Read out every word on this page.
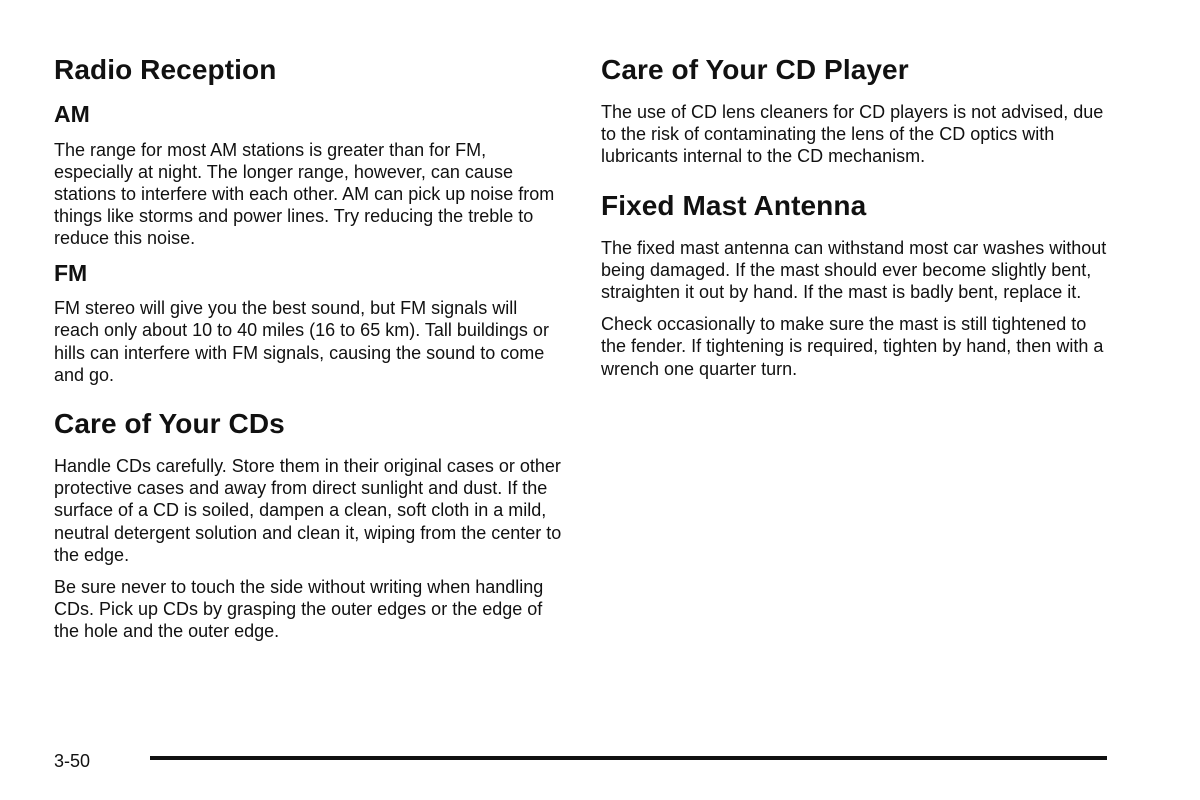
Radio Reception
AM

The range for most AM stations is greater than for FM, especially at night. The longer range, however, can cause stations to interfere with each other. AM can pick up noise from things like storms and power lines. Try reducing the treble to reduce this noise.

FM

FM stereo will give you the best sound, but FM signals will reach only about 10 to 40 miles (16 to 65 km). Tall buildings or hills can interfere with FM signals, causing the sound to come and go.

Care of Your CDs

Handle CDs carefully. Store them in their original cases or other protective cases and away from direct sunlight and dust. If the surface of a CD is soiled, dampen a clean, soft cloth in a mild, neutral detergent solution and clean it, wiping from the center to the edge.

Be sure never to touch the side without writing when handling CDs. Pick up CDs by grasping the outer edges or the edge of the hole and the outer edge.

Care of Your CD Player

The use of CD lens cleaners for CD players is not advised, due to the risk of contaminating the lens of the CD optics with lubricants internal to the CD mechanism.

Fixed Mast Antenna

The fixed mast antenna can withstand most car washes without being damaged. If the mast should ever become slightly bent, straighten it out by hand. If the mast is badly bent, replace it.

Check occasionally to make sure the mast is still tightened to the fender. If tightening is required, tighten by hand, then with a wrench one quarter turn.

3-50
